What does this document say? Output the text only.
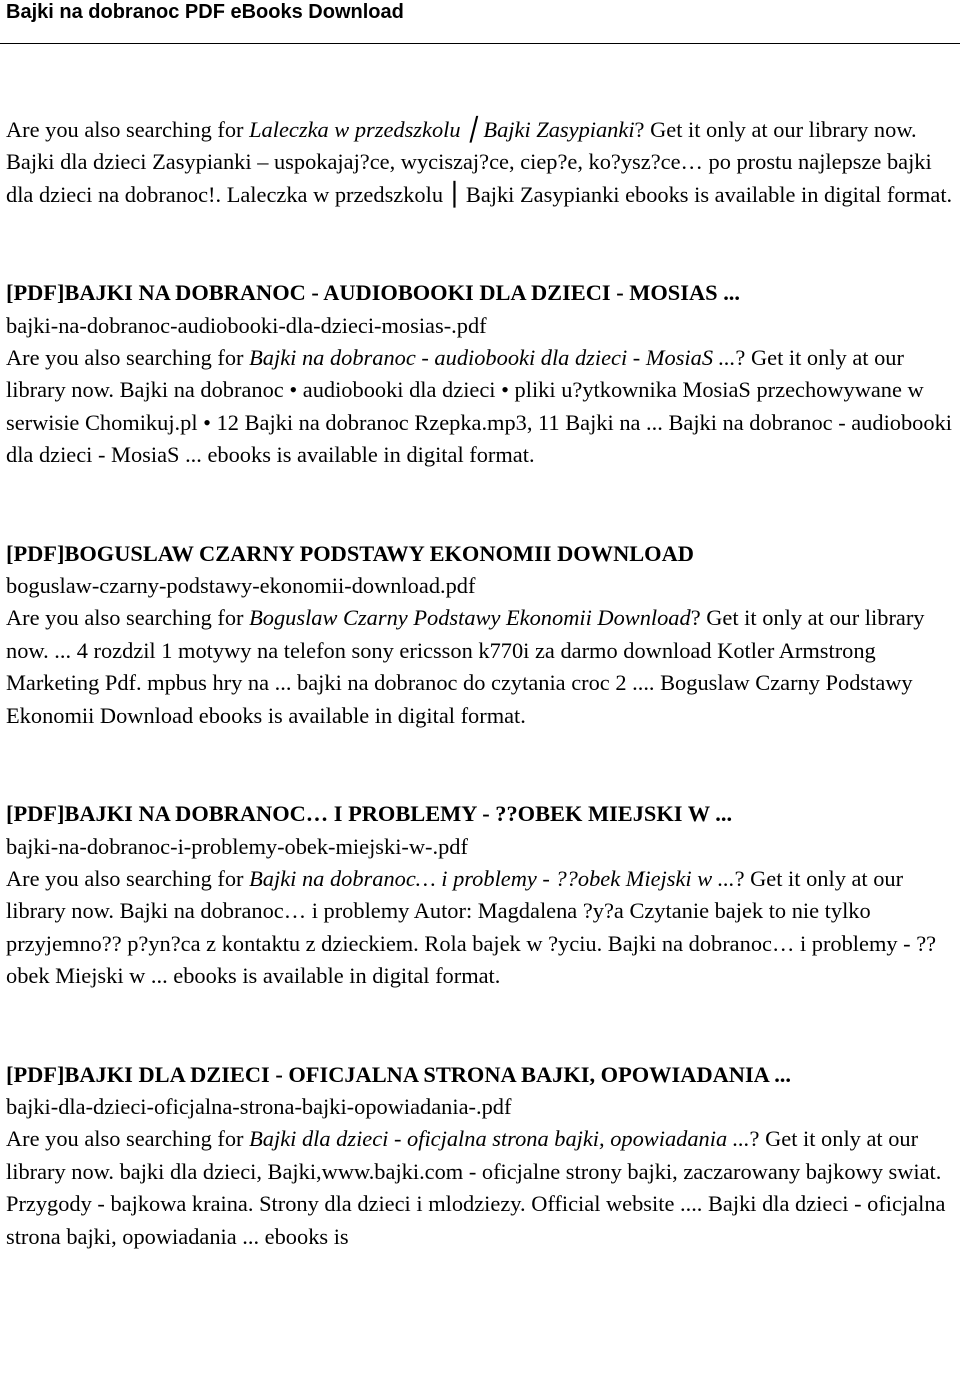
Bajki na dobranoc PDF eBooks Download

Are you also searching for Laleczka w przedszkolu ⎮ Bajki Zasypianki? Get it only at our library now. Bajki dla dzieci Zasypianki – uspokajaj?ce, wyciszaj?ce, ciep?e, ko?ysz?ce… po prostu najlepsze bajki dla dzieci na dobranoc!. Laleczka w przedszkolu ⎮ Bajki Zasypianki ebooks is available in digital format.

[PDF]BAJKI NA DOBRANOC - AUDIOBOOKI DLA DZIECI - MOSIAS ...

bajki-na-dobranoc-audiobooki-dla-dzieci-mosias-.pdf

Are you also searching for Bajki na dobranoc - audiobooki dla dzieci - MosiaS ...? Get it only at our library now. Bajki na dobranoc • audiobooki dla dzieci • pliki u?ytkownika MosiaS przechowywane w serwisie Chomikuj.pl • 12 Bajki na dobranoc Rzepka.mp3, 11 Bajki na ... Bajki na dobranoc - audiobooki dla dzieci - MosiaS ... ebooks is available in digital format.

[PDF]BOGUSLAW CZARNY PODSTAWY EKONOMII DOWNLOAD

boguslaw-czarny-podstawy-ekonomii-download.pdf

Are you also searching for Boguslaw Czarny Podstawy Ekonomii Download? Get it only at our library now. ... 4 rozdzil 1 motywy na telefon sony ericsson k770i za darmo download Kotler Armstrong Marketing Pdf. mpbus hry na ... bajki na dobranoc do czytania croc 2 .... Boguslaw Czarny Podstawy Ekonomii Download ebooks is available in digital format.

[PDF]BAJKI NA DOBRANOC… I PROBLEMY - ??OBEK MIEJSKI W ...

bajki-na-dobranoc-i-problemy-obek-miejski-w-.pdf

Are you also searching for Bajki na dobranoc… i problemy - ??obek Miejski w ...? Get it only at our library now. Bajki na dobranoc… i problemy Autor: Magdalena ?y?a Czytanie bajek to nie tylko przyjemno?? p?yn?ca z kontaktu z dzieckiem. Rola bajek w ?yciu. Bajki na dobranoc… i problemy - ??obek Miejski w ... ebooks is available in digital format.

[PDF]BAJKI DLA DZIECI - OFICJALNA STRONA BAJKI, OPOWIADANIA ...

bajki-dla-dzieci-oficjalna-strona-bajki-opowiadania-.pdf

Are you also searching for Bajki dla dzieci - oficjalna strona bajki, opowiadania ...? Get it only at our library now. bajki dla dzieci, Bajki,www.bajki.com - oficjalne strony bajki, zaczarowany bajkowy swiat. Przygody - bajkowa kraina. Strony dla dzieci i mlodziezy. Official website .... Bajki dla dzieci - oficjalna strona bajki, opowiadania ... ebooks is
